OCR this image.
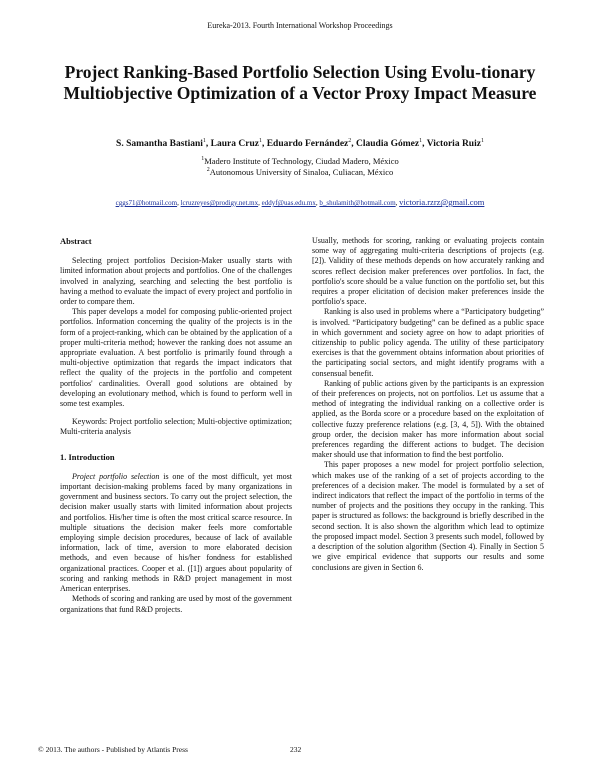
Eureka-2013. Fourth International Workshop Proceedings
Project Ranking-Based Portfolio Selection Using Evolu-tionary Multiobjective Optimization of a Vector Proxy Impact Measure
S. Samantha Bastiani$^1$, Laura Cruz$^1$, Eduardo Fernández$^2$, Claudia Gómez$^1$, Victoria Ruiz$^1$
$^1$Madero Institute of Technology, Ciudad Madero, México
$^2$Autonomous University of Sinaloa, Culiacan, México
cggs71@hotmail.com, lcruzreyes@prodigy.net.mx, eddyf@uas.edu.mx, b_shulamith@hotmail.com, victoria.rzrz@gmail.com
Abstract

Selecting project portfolios Decision-Maker usually starts with limited information about projects and portfolios. One of the challenges involved in analyzing, searching and selecting the best portfolio is having a method to evaluate the impact of every project and portfolio in order to compare them.

This paper develops a model for composing public-oriented project portfolios. Information concerning the quality of the projects is in the form of a project-ranking, which can be obtained by the application of a proper multi-criteria method; however the ranking does not assume an appropriate evaluation. A best portfolio is primarily found through a multi-objective optimization that regards the impact indicators that reflect the quality of the projects in the portfolio and competent portfolios' cardinalities. Overall good solutions are obtained by developing an evolutionary method, which is found to perform well in some test examples.

Keywords: Project portfolio selection; Multi-objective optimization; Multi-criteria analysis

1. Introduction

Project portfolio selection is one of the most difficult, yet most important decision-making problems faced by many organizations in government and business sectors. To carry out the project selection, the decision maker usually starts with limited information about projects and portfolios. His/her time is often the most critical scarce resource. In multiple situations the decision maker feels more comfortable employing simple decision procedures, because of lack of available information, lack of time, aversion to more elaborated decision methods, and even because of his/her fondness for established organizational practices. Cooper et al. ([1]) argues about popularity of scoring and ranking methods in R&D project management in most American enterprises.

Methods of scoring and ranking are used by most of the government organizations that fund R&D projects.

Usually, methods for scoring, ranking or evaluating projects contain some way of aggregating multi-criteria descriptions of projects (e.g. [2]). Validity of these methods depends on how accurately ranking and scores reflect decision maker preferences over portfolios. In fact, the portfolio's score should be a value function on the portfolio set, but this requires a proper elicitation of decision maker preferences inside the portfolio's space.

Ranking is also used in problems where a “Participatory budgeting” is involved. “Participatory budgeting” can be defined as a public space in which government and society agree on how to adapt priorities of citizenship to public policy agenda. The utility of these participatory exercises is that the government obtains information about priorities of the participating social sectors, and might identify programs with a consensual benefit.

Ranking of public actions given by the participants is an expression of their preferences on projects, not on portfolios. Let us assume that a method of integrating the individual ranking on a collective order is applied, as the Borda score or a procedure based on the exploitation of collective fuzzy preference relations (e.g. [3, 4, 5]). With the obtained group order, the decision maker has more information about social preferences regarding the different actions to budget. The decision maker should use that information to find the best portfolio.

This paper proposes a new model for project portfolio selection, which makes use of the ranking of a set of projects according to the preferences of a decision maker. The model is formulated by a set of indirect indicators that reflect the impact of the portfolio in terms of the number of projects and the positions they occupy in the ranking. This paper is structured as follows: the background is briefly described in the second section. It is also shown the algorithm which lead to optimize the proposed impact model. Section 3 presents such model, followed by a description of the solution algorithm (Section 4). Finally in Section 5 we give empirical evidence that supports our results and some conclusions are given in Section 6.

© 2013. The authors - Published by Atlantis Press	232
